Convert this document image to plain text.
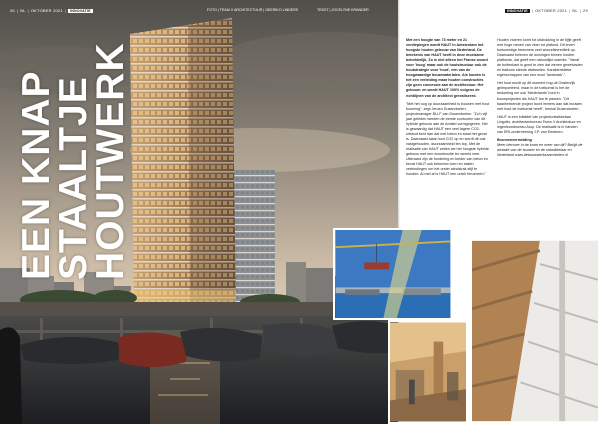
26 | NL | OKTOBER 2021 |	INNOVATIE	FOTO | TEAM V ARCHITECTUUR | GEERIKO LINDERS	TEKST | JOCELYNE KRANDER
EEN KNAP
STAALTJE
HOUTWERK
INNOVATIE	| OKTOBER 2021 | NL | 29

Met een hoogte van 73 meter en 21 verdiepingen wordt HAUT in Amsterdam het hoogste houten gebouw van Nederland. De betekenis van HAUT heeft in deze moeizame betrekkelijk. Zo is niet alleen het Franse woord voor 'hoog' maar ook de houtstructuur ook de houtstrategie voor 'hout', een van de hoogwaardige bouwmaterialen. Als houten is het een verleiding maar houten constructies zijn geen concessie aan de architectuur. Het gebouw: en wordt HAUT 100% volgens de richtlijnen van de architect gerealiseerd.

"Met het oog op duurzaamheid is bouwen met hout booming", zegt Jeroen Dusendoelen, projectmanager BLLF van Dusendoelen. "Zo'n vijf jaar geleden werden de eerste contouren van dit hybride gebouw aan de Amstel vormgegeven. Het is gewaardig dat HAUT een veel lagere CO2-uitstoot kent dan dat met beton en staal het geval is. Daarnaast slaat hout CO2 op en wordt dit ook vastgehouden, duurzaamheid ten top. Met de realisatie van HAUT zetten we het hoogste hybride gebouw met een woonfunctie ter wereld neer. Uiteraard zijn de fundering en kelder van beton en bevat HAUT ook betonnen kern en stalen verbindingen om het onder windstrak stijf te houden. Al met al is HAUT een uniek fenomeen."

Houten vloeren komt tot uitdrukking in de tijfje geeft met hoge ramen van vloer tot plafond. Dit levert toekomstige bewoners veel woondtevrediteit op. Daarnaast beleven de woningen binnen houten platfonds, dat geeft een natuurlijke warmte. "Vanaf de buitenkant is goed te zien dat zienen gewelvaden en balkons steeds afwisselen. Karakteristieke eigenschappen van een mooi 'landmark'."

Het hout wordt op dit moment nog uit Oostenrijk geïmporteerd, maar in de toekomst is het de bedoeling om ook 'Nederlands' hout in bouwprojecten als HAUT toe te passen. "Dit baanbrekende project toont immers aan dat bouwen met hout de toekomst heeft", besluit Dusendoelen.

HAUT is een initiatief van projectontwikkelaar Lingotto, architectenbureau Team V Architectuur en ingenieursbureau Arup. De realisatie is in handen van ERI-onderneming J.P. van Eesteren.

Bronnenvermelding

Meer hierover in de krant en meer van dit? Bekijk de website van de bouwer en de ontwikkelaar en Nederland www.debouwwerkzaamheden.nl
